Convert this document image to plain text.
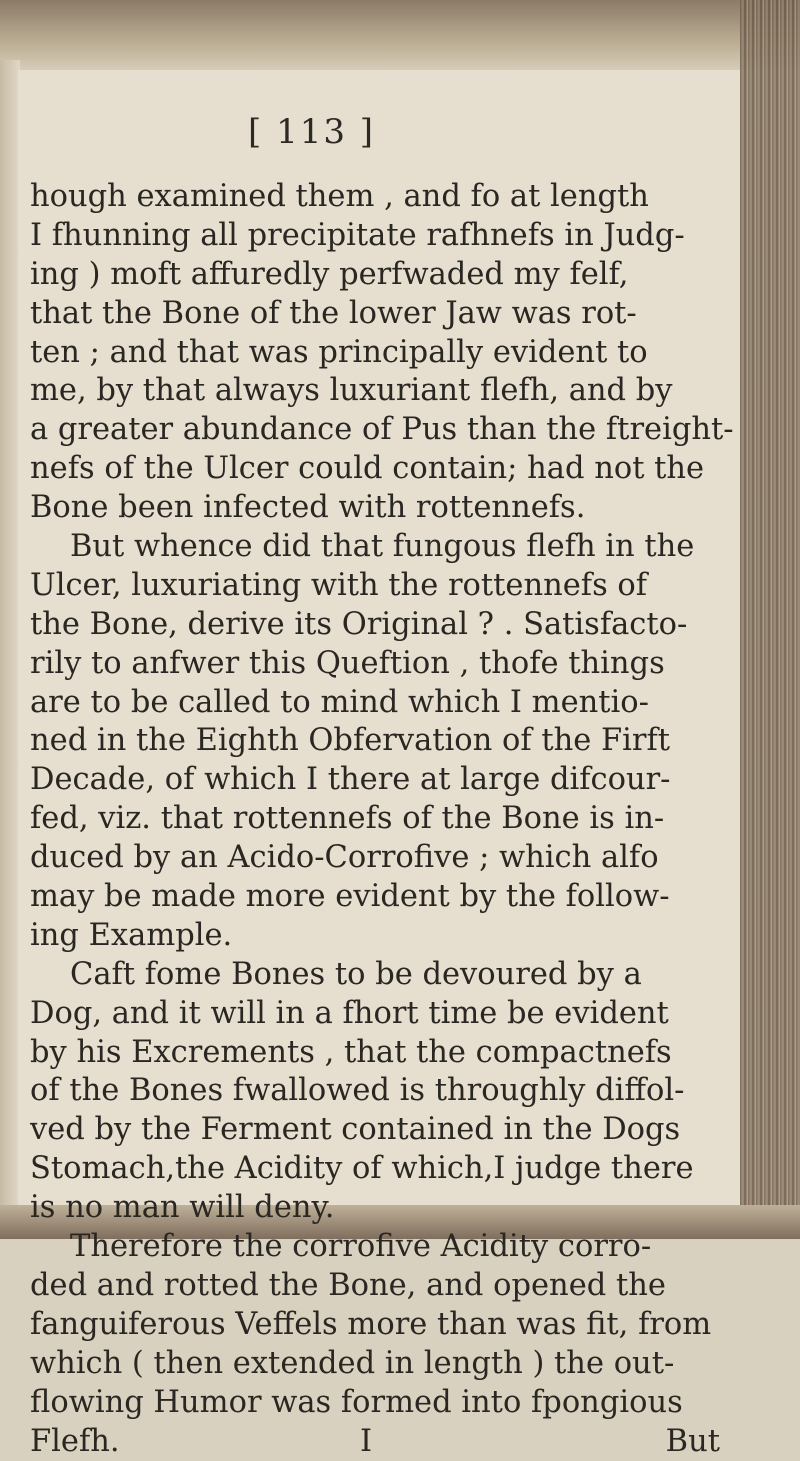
[ 113 ]
hough examined them , and fo at length
I fhunning all precipitate rafhnefs in Judg-
ing ) moft affuredly perfwaded my felf,
that the Bone of the lower Jaw was rot-
ten ; and that was principally evident to
me, by that always luxuriant flefh, and by
a greater abundance of Pus than the ftreight-
nefs of the Ulcer could contain; had not the
Bone been infected with rottennefs.
But whence did that fungous flefh in the
Ulcer, luxuriating with the rottennefs of
the Bone, derive its Original ? . Satisfacto-
rily to anfwer this Queftion , thofe things
are to be called to mind which I mentio-
ned in the Eighth Obfervation of the Firft
Decade, of which I there at large difcour-
fed, viz. that rottennefs of the Bone is in-
duced by an Acido-Corrofive ; which alfo
may be made more evident by the follow-
ing Example.
Caft fome Bones to be devoured by a
Dog, and it will in a fhort time be evident
by his Excrements , that the compactnefs
of the Bones fwallowed is throughly diffol-
ved by the Ferment contained in the Dogs
Stomach,the Acidity of which,I judge there
is no man will deny.
Therefore the corrofive Acidity corro-
ded and rotted the Bone, and opened the
fanguiferous Veffels more than was fit, from
which ( then extended in length ) the out-
flowing Humor was formed into fpongious
Flefh.	I	But
